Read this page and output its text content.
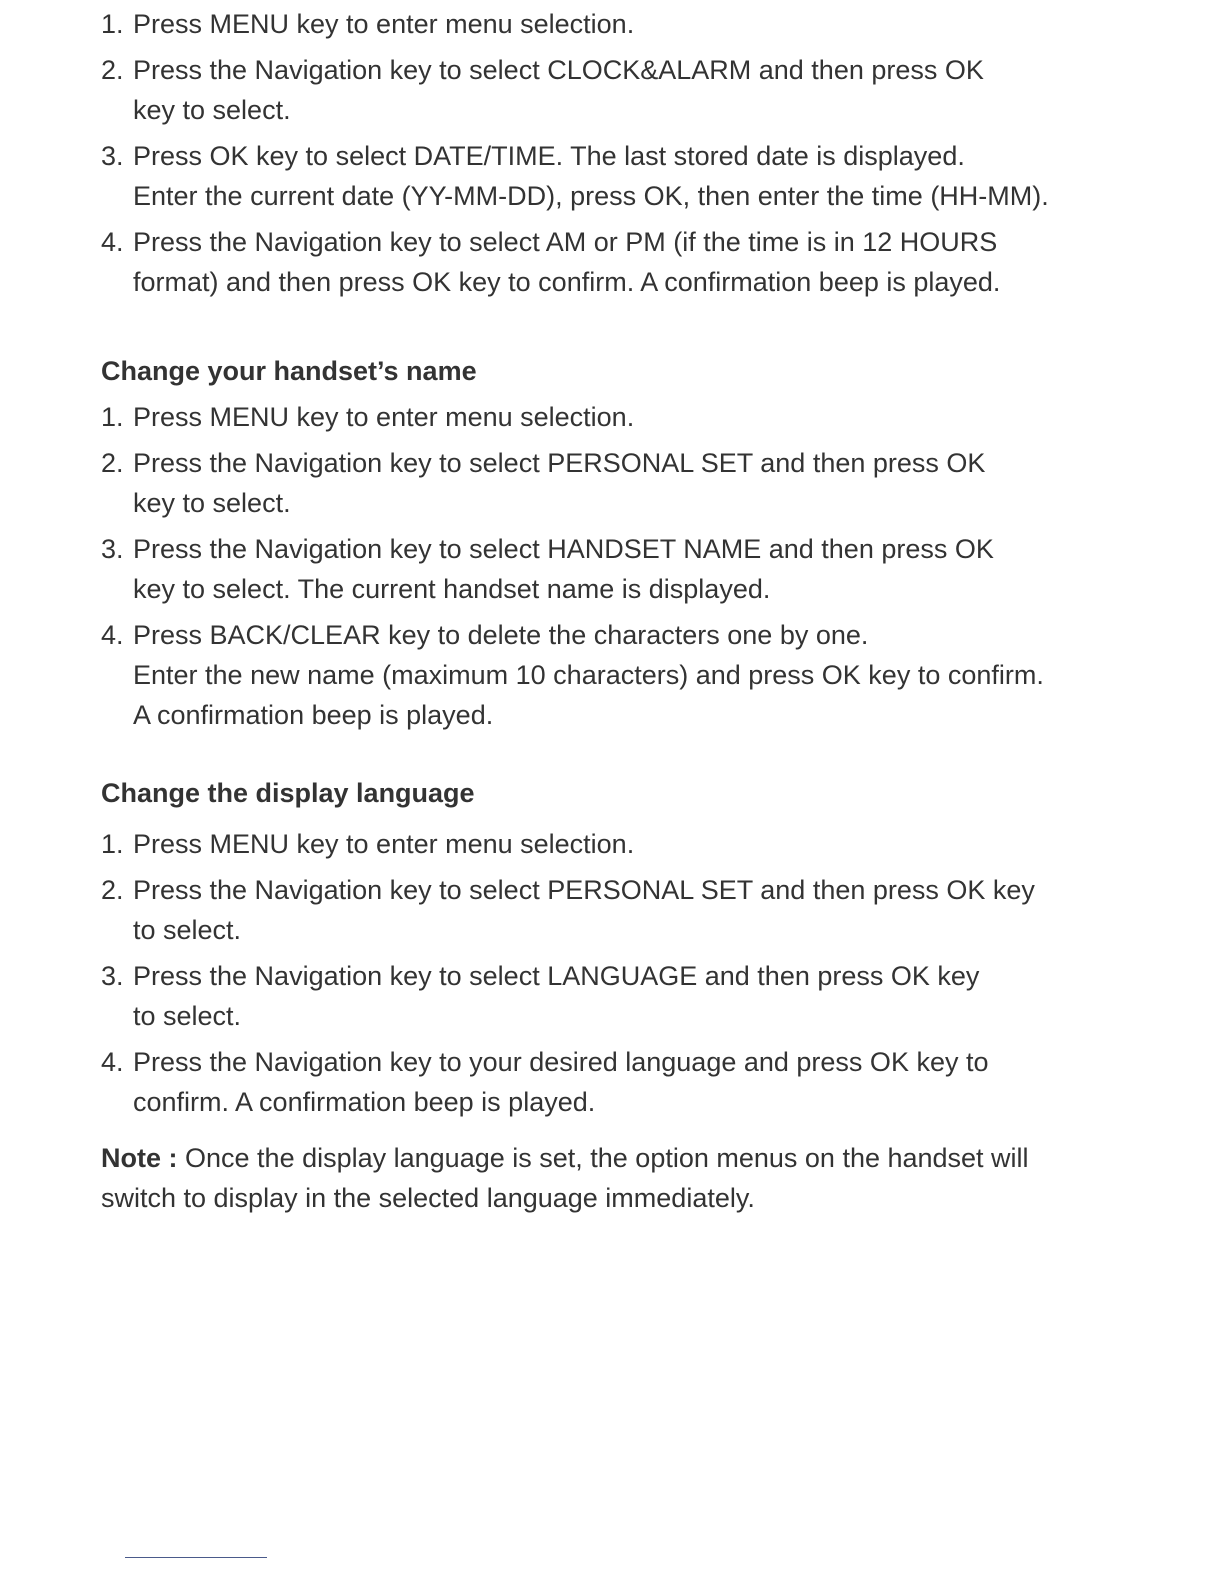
1. Press MENU key to enter menu selection.
2. Press the Navigation key to select CLOCK&ALARM and then press OK
key to select.
3. Press OK key to select DATE/TIME. The last stored date is displayed.
Enter the current date (YY-MM-DD), press OK, then enter the time (HH-MM).
4. Press the Navigation key to select AM or PM (if the time is in 12 HOURS
format) and then press OK key to confirm. A confirmation beep is played.
Change your handset’s name
1. Press MENU key to enter menu selection.
2. Press the Navigation key to select PERSONAL SET and then press OK
key to select.
3. Press the Navigation key to select HANDSET NAME and then press OK
key to select. The current handset name is displayed.
4. Press BACK/CLEAR key to delete the characters one by one.
Enter the new name (maximum 10 characters) and press OK key to confirm.
A confirmation beep is played.
Change the display language
1. Press MENU key to enter menu selection.
2. Press the Navigation key to select PERSONAL SET and then press OK key
to select.
3. Press the Navigation key to select LANGUAGE and then press OK key
to select.
4. Press the Navigation key to your desired language and press OK key to
confirm. A confirmation beep is played.
Note : Once the display language is set, the option menus on the handset will
switch to display in the selected language immediately.
